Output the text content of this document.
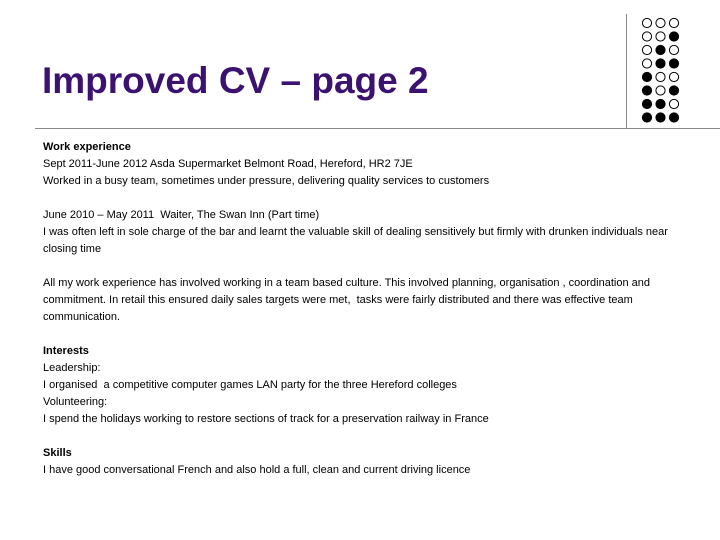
Improved CV – page 2

Work experience

Sept 2011-June 2012 Asda Supermarket Belmont Road, Hereford, HR2 7JE

Worked in a busy team, sometimes under pressure, delivering quality services to customers

June 2010 – May 2011  Waiter, The Swan Inn (Part time)

I was often left in sole charge of the bar and learnt the valuable skill of dealing sensitively but firmly with drunken individuals near closing time

All my work experience has involved working in a team based culture. This involved planning, organisation , coordination and commitment. In retail this ensured daily sales targets were met,  tasks were fairly distributed and there was effective team communication.

Interests

Leadership:

I organised  a competitive computer games LAN party for the three Hereford colleges

Volunteering:

I spend the holidays working to restore sections of track for a preservation railway in France

Skills

I have good conversational French and also hold a full, clean and current driving licence
